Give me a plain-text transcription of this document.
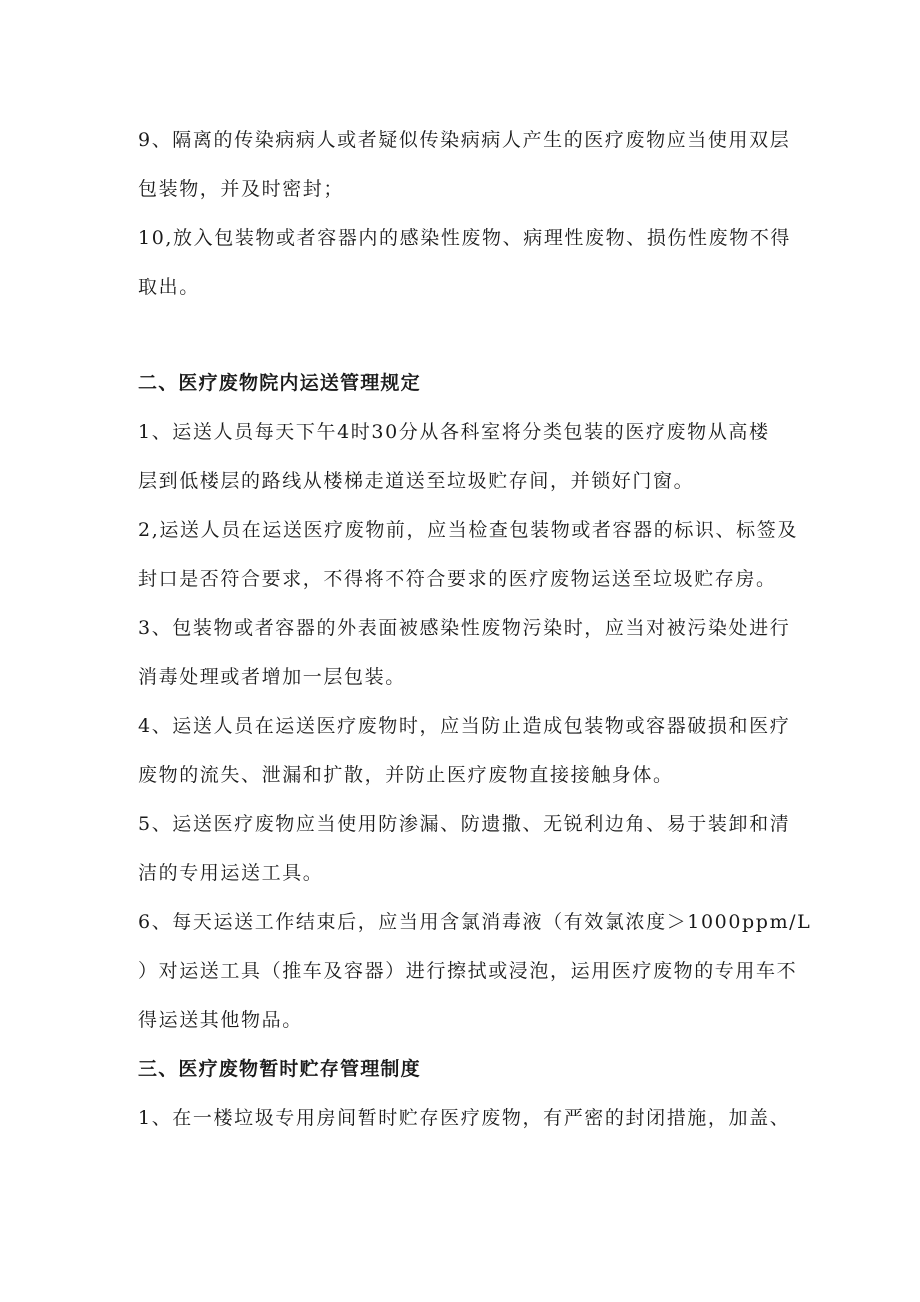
9、隔离的传染病病人或者疑似传染病病人产生的医疗废物应当使用双层
包装物，并及时密封；
10,放入包装物或者容器内的感染性废物、病理性废物、损伤性废物不得
取出。
二、医疗废物院内运送管理规定
1、运送人员每天下午4时30分从各科室将分类包装的医疗废物从高楼
层到低楼层的路线从楼梯走道送至垃圾贮存间，并锁好门窗。
2,运送人员在运送医疗废物前，应当检查包装物或者容器的标识、标签及
封口是否符合要求，不得将不符合要求的医疗废物运送至垃圾贮存房。
3、包装物或者容器的外表面被感染性废物污染时，应当对被污染处进行
消毒处理或者增加一层包装。
4、运送人员在运送医疗废物时，应当防止造成包装物或容器破损和医疗
废物的流失、泄漏和扩散，并防止医疗废物直接接触身体。
5、运送医疗废物应当使用防渗漏、防遗撒、无锐利边角、易于装卸和清
洁的专用运送工具。
6、每天运送工作结束后，应当用含氯消毒液（有效氯浓度＞1000ppm/L
）对运送工具（推车及容器）进行擦拭或浸泡，运用医疗废物的专用车不
得运送其他物品。
三、医疗废物暂时贮存管理制度
1、在一楼垃圾专用房间暂时贮存医疗废物，有严密的封闭措施，加盖、
